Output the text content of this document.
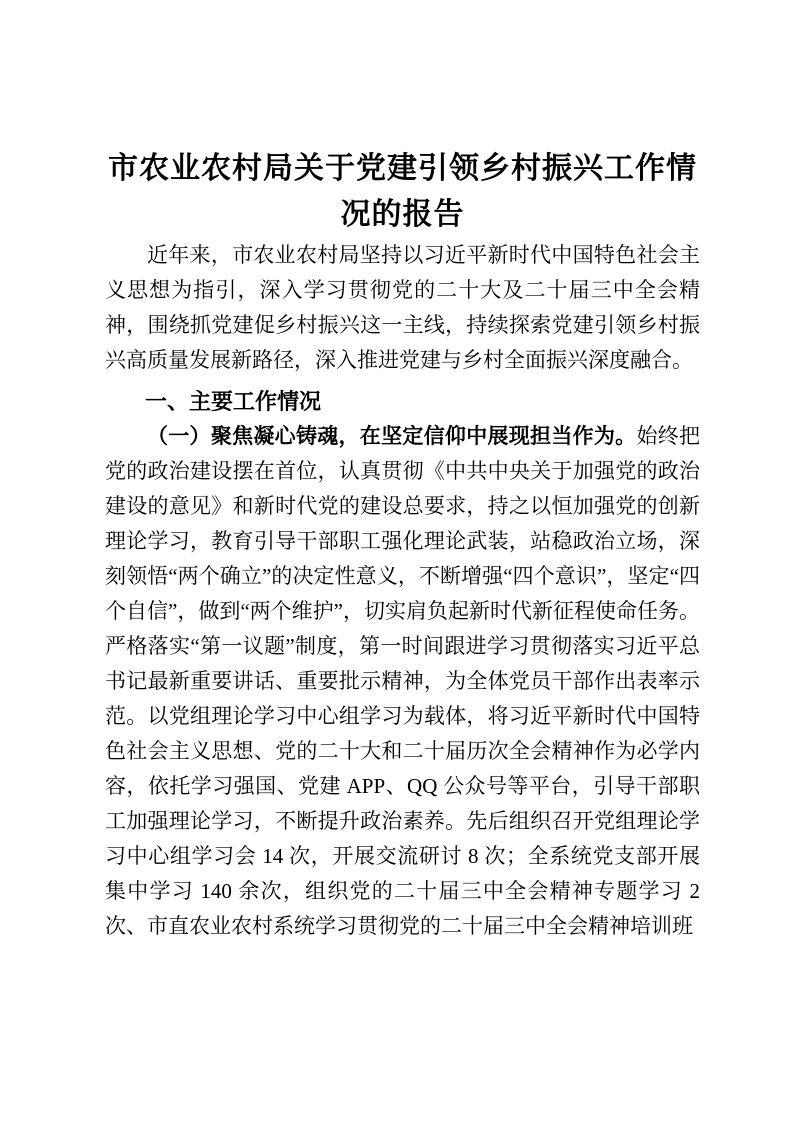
市农业农村局关于党建引领乡村振兴工作情况的报告

近年来，市农业农村局坚持以习近平新时代中国特色社会主义思想为指引，深入学习贯彻党的二十大及二十届三中全会精神，围绕抓党建促乡村振兴这一主线，持续探索党建引领乡村振兴高质量发展新路径，深入推进党建与乡村全面振兴深度融合。

一、主要工作情况

（一）聚焦凝心铸魂，在坚定信仰中展现担当作为。始终把党的政治建设摆在首位，认真贯彻《中共中央关于加强党的政治建设的意见》和新时代党的建设总要求，持之以恒加强党的创新理论学习，教育引导干部职工强化理论武装，站稳政治立场，深刻领悟“两个确立”的决定性意义，不断增强“四个意识”，坚定“四个自信”，做到“两个维护”，切实肩负起新时代新征程使命任务。严格落实“第一议题”制度，第一时间跟进学习贯彻落实习近平总书记最新重要讲话、重要批示精神，为全体党员干部作出表率示范。以党组理论学习中心组学习为载体，将习近平新时代中国特色社会主义思想、党的二十大和二十届历次全会精神作为必学内容，依托学习强国、党建 APP、QQ 公众号等平台，引导干部职工加强理论学习，不断提升政治素养。先后组织召开党组理论学习中心组学习会 14 次，开展交流研讨 8 次；全系统党支部开展集中学习 140 余次，组织党的二十届三中全会精神专题学习 2 次、市直农业农村系统学习贯彻党的二十届三中全会精神培训班
